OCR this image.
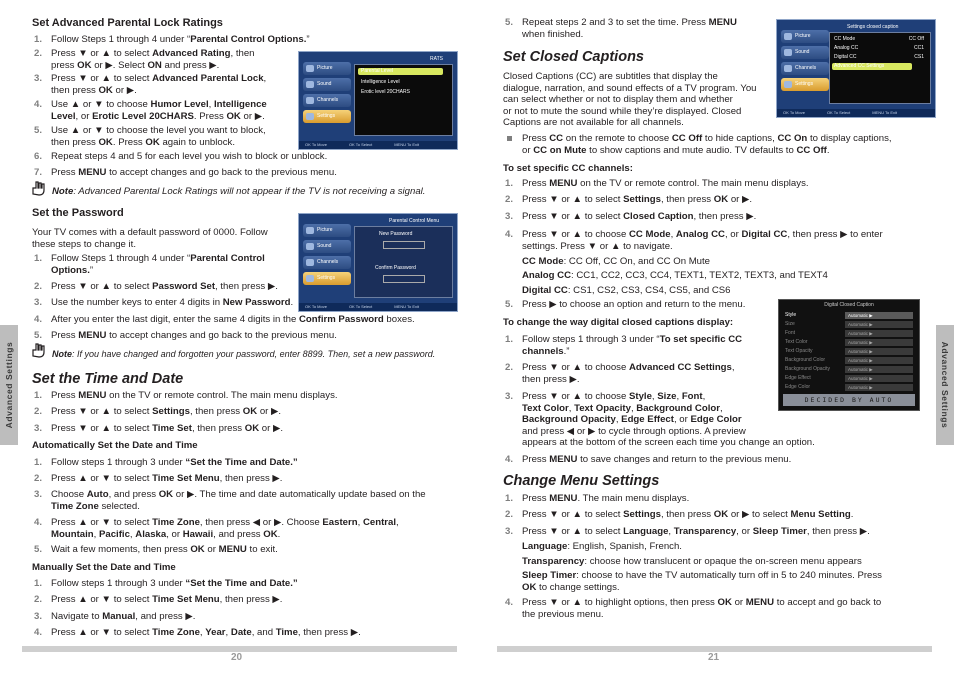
Set Advanced Parental Lock Ratings
1. Follow Steps 1 through 4 under “Parental Control Options.”
2. Press ▼ or ▲ to select Advanced Rating, then
press OK or ▶. Select ON and press ▶.
3. Press ▼ or ▲ to select Advanced Parental Lock,
then press OK or ▶.
4. Use ▲ or ▼ to choose Humor Level, Intelligence
Level, or Erotic Level 20CHARS. Press OK or ▶.
5. Use ▲ or ▼ to choose the level you want to block,
then press OK. Press OK again to unblock.
6. Repeat steps 4 and 5 for each level you wish to block or unblock.
7. Press MENU to accept changes and go back to the previous menu.
Note: Advanced Parental Lock Ratings will not appear if the TV is not receiving a signal.
Set the Password
Your TV comes with a default password of 0000. Follow
these steps to change it.
1. Follow Steps 1 through 4 under “Parental Control
Options.”
2. Press ▼ or ▲ to select Password Set, then press ▶.
3. Use the number keys to enter 4 digits in New Password.
4. After you enter the last digit, enter the same 4 digits in the Confirm Password boxes.
5. Press MENU to accept changes and go back to the previous menu.
Note: If you have changed and forgotten your password, enter 8899. Then, set a new password.
Set the Time and Date
1. Press MENU on the TV or remote control. The main menu displays.
2. Press ▼ or ▲ to select Settings, then press OK or ▶.
3. Press ▼ or ▲ to select Time Set, then press OK or ▶.
Automatically Set the Date and Time
1. Follow steps 1 through 3 under “Set the Time and Date.”
2. Press ▲ or ▼ to select Time Set Menu, then press ▶.
3. Choose Auto, and press OK or ▶. The time and date automatically update based on the
Time Zone selected.
4. Press ▲ or ▼ to select Time Zone, then press ◀ or ▶. Choose Eastern, Central,
Mountain, Pacific, Alaska, or Hawaii, and press OK.
5. Wait a few moments, then press OK or MENU to exit.
Manually Set the Date and Time
1. Follow steps 1 through 3 under “Set the Time and Date.”
2. Press ▲ or ▼ to select Time Set Menu, then press ▶.
3. Navigate to Manual, and press ▶.
4. Press ▲ or ▼ to select Time Zone, Year, Date, and Time, then press ▶.
20
Advanced Settings
RATS
Picture
Sound
Channels
Settings
Parental Level
Intelligence Level
Erotic level 20CHARS
OK To Move	OK To Select	MENU To Exit
Parental Control Menu
Picture
Sound
Channels
Settings
New Password
Confirm Password
OK To Move	OK To Select	MENU To Exit
5. Repeat steps 2 and 3 to set the time. Press MENU
when finished.
Set Closed Captions
Closed Captions (CC) are subtitles that display the
dialogue, narration, and sound effects of a TV program. You
can select whether or not to display them and whether
or not to mute the sound while they’re displayed. Closed
Captions are not available for all channels.
Press CC on the remote to choose CC Off to hide captions, CC On to display captions,
or CC on Mute to show captions and mute audio. TV defaults to CC Off.
To set specific CC channels:
1. Press MENU on the TV or remote control. The main menu displays.
2. Press ▼ or ▲ to select Settings, then press OK or ▶.
3. Press ▼ or ▲ to select Closed Caption, then press ▶.
4. Press ▼ or ▲ to choose CC Mode, Analog CC, or Digital CC, then press ▶ to enter
settings. Press ▼ or ▲ to navigate.
CC Mode: CC Off, CC On, and CC On Mute
Analog CC: CC1, CC2, CC3, CC4, TEXT1, TEXT2, TEXT3, and TEXT4
Digital CC: CS1, CS2, CS3, CS4, CS5, and CS6
5. Press ▶ to choose an option and return to the menu.
To change the way digital closed captions display:
1. Follow steps 1 through 3 under “To set specific CC
channels.”
2. Press ▼ or ▲ to choose Advanced CC Settings,
then press ▶.
3. Press ▼ or ▲ to choose Style, Size, Font,
Text Color, Text Opacity, Background Color,
Background Opacity, Edge Effect, or Edge Color
and press ◀ or ▶ to cycle through options. A preview
appears at the bottom of the screen each time you change an option.
4. Press MENU to save changes and return to the previous menu.
Change Menu Settings
1. Press MENU. The main menu displays.
2. Press ▼ or ▲ to select Settings, then press OK or ▶ to select Menu Setting.
3. Press ▼ or ▲ to select Language, Transparency, or Sleep Timer, then press ▶.
Language: English, Spanish, French.
Transparency: choose how translucent or opaque the on-screen menu appears
Sleep Timer: choose to have the TV automatically turn off in 5 to 240 minutes. Press
OK to change settings.
4. Press ▼ or ▲ to highlight options, then press OK or MENU to accept and go back to
the previous menu.
21
Advanced Settings
Settings closed caption
Picture
Sound
Channels
Settings
CC Mode	CC Off
Analog CC	CC1
Digital CC	CS1
Advanced CC Settings
OK To Move	OK To Select	MENU To Exit
Digital Closed Caption
Style	Automatic ▶
Size	Automatic ▶
Font	Automatic ▶
Text Color	Automatic ▶
Text Opacity	Automatic ▶
Background Color	Automatic ▶
Background Opacity	Automatic ▶
Edge Effect	Automatic ▶
Edge Color	Automatic ▶
DECIDED BY AUTO
